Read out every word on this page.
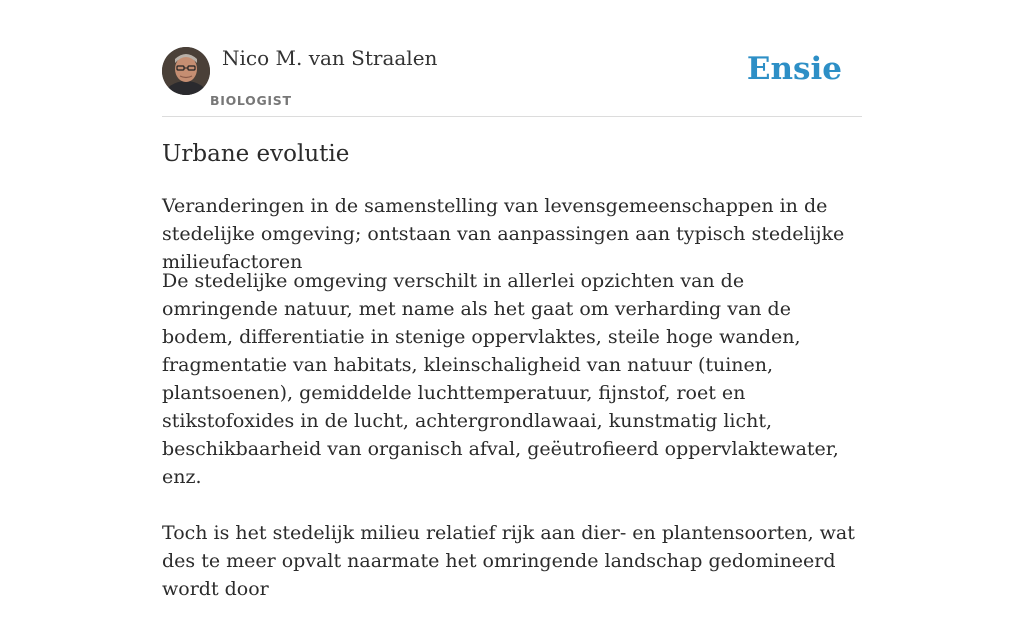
Nico M. van Straalen
BIOLOGIST
Ensie
Urbane evolutie
Veranderingen in de samenstelling van levensgemeenschappen in de stedelijke omgeving; ontstaan van aanpassingen aan typisch stedelijke milieufactoren

De stedelijke omgeving verschilt in allerlei opzichten van de omringende natuur, met name als het gaat om verharding van de bodem, differentiatie in stenige oppervlaktes, steile hoge wanden, fragmentatie van habitats, kleinschaligheid van natuur (tuinen, plantsoenen), gemiddelde luchttemperatuur, fijnstof, roet en stikstofoxides in de lucht, achtergrondlawaai, kunstmatig licht, beschikbaarheid van organisch afval, geëutrofieerd oppervlaktewater, enz.

Toch is het stedelijk milieu relatief rijk aan dier- en plantensoorten, wat des te meer opvalt naarmate het omringende landschap gedomineerd wordt door
